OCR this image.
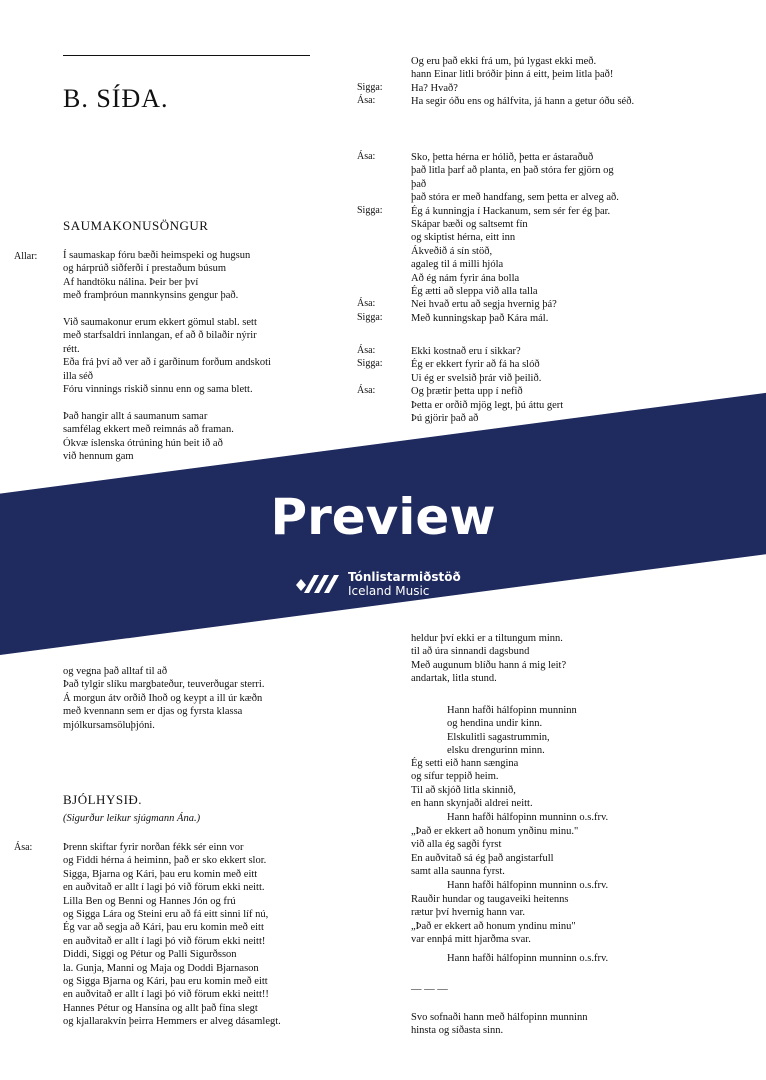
B. SÍÐA.
SAUMAKONUSÖNGUR
Allar: Í saumaskap fóru bæði heimspeki og hugsun
og hárprúð siðferði í prestaðum búsum
Af handtöku nálina. Þeir ber því
með framþróun mannkynsins gengur það.

Við saumakonur erum ekkert gömul stabl. sett
með starfsaldri innlangan, ef að ð bilaðir nýrir
rétt.
Eða frá því að ver að í garðinum forðum andskoti
illa séð
Fóru vinnings riskið sinnu enn og sama blett.

Það hangir allt á saumanum samar
samfélag ekkert með reimnás að framan.
Ókvæ íslenska ótrúning hún beit ið að
við hennum gam
og vegna það alltaf til að
Það tylgir slíku margbateður, teuverðugar sterri.
Á morgun átv orðið Ihoð og keypt a ill úr kæðn
með kvennann sem er djas og fyrsta klassa
mjólkursamsöluþjóni.
BJÓLHYSIÐ.
(Sigurður leikur sjúgmann Ána.)
Ása:	Þrenn skiftar fyrir norðan fékk sér einn vor
og Fiddi hérna á heiminn, það er sko ekkert slor.
Sigga, Bjarna og Kári, þau eru komin með eitt
en auðvitað er allt í lagi þó við förum ekki neitt.
Lilla Ben og Benni og Hannes Jón og frú
og Sigga Lára og Steini eru að fá eitt sinni líf nú,
Ég var að segja að Kári, þau eru komin með eitt
en auðvitað er allt í lagi þó við förum ekki neitt!
Diddi, Siggi og Pétur og Palli Sigurðsson
la. Gunja, Manni og Maja og Doddi Bjarnason
og Sigga Bjarna og Kári, þau eru komin með eitt
en auðvitað er allt í lagi þó við förum ekki neitt!!
Hannes Pétur og Hansína og allt það fína slegt
og kjallarakvín þeirra Hemmers er alveg dásamlegt.
Og eru það ekki frá um, þú lygast ekki með.
hann Einar litli bróðir þinn á eitt, þeim litla það!
Sigga:	Ha? Hvað?
Ása:	Ha segir óðu ens og hálfvita, já hann a getur óðu séð.
Ása:	Sko, þetta hérna er hólið, þetta er ástaraðuð
það litla þarf að planta, en það stóra fer gjörn og
það
það stóra er með handfang, sem þetta er alveg að.
Sigga:	Ég á kunningja í Hackanum, sem sér fer ég þar.
Skápar bæði og saltsemt fín
og skiptist hérna, eitt inn
Ákveðið á sín stöð,
agaleg til á milli hjóla
Að ég nám fyrir ána bolla
Ég ætti að sleppa við alla talla
Ása:	Nei hvað ertu að segja hvernig þá?
Sigga:	Með kunningskap það Kára mál.
Ása:	Ekki kostnað eru í sikkar?
Sigga:	Ég er ekkert fyrir að fá ha slóð
Ui ég er svelsið þrár við þeilið.
Ása:	Og þrætir þetta upp í nefið
Þetta er orðið mjög legt, þú áttu gert
Þú gjörir það að
heldur því ekki er a tiltungum minn.
til að úra sinnandi dagsbund
Með augunum blíðu hann á mig leit?
andartak, litla stund.
Hann hafði hálfopinn munninn
og hendina undir kinn.
Elskulitli sagastrummin,
elsku drengurinn minn.
Ég setti eið hann sængina
og sífur teppið heim.
Til að skjóð litla skinnið,
en hann skynjaði aldrei neitt.
Hann hafði hálfopinn munninn o.s.frv.
„Það er ekkert að honum ynðinu minu."
við alla ég sagði fyrst
En auðvitað sá ég það angistarfull
samt alla saunna fyrst.
Hann hafði hálfopinn munninn o.s.frv.
Rauðir hundar og taugaveiki heitenns
rætur því hvernig hann var.
„Það er ekkert að honum yndinu minu"
var ennþá mitt hjarðma svar.
Hann hafði hálfopinn munninn o.s.frv.
— — —
Svo sofnaði hann með hálfopinn munninn
hinsta og síðasta sinn.
Preview
Tónlistarmiðstöð
Iceland Music
